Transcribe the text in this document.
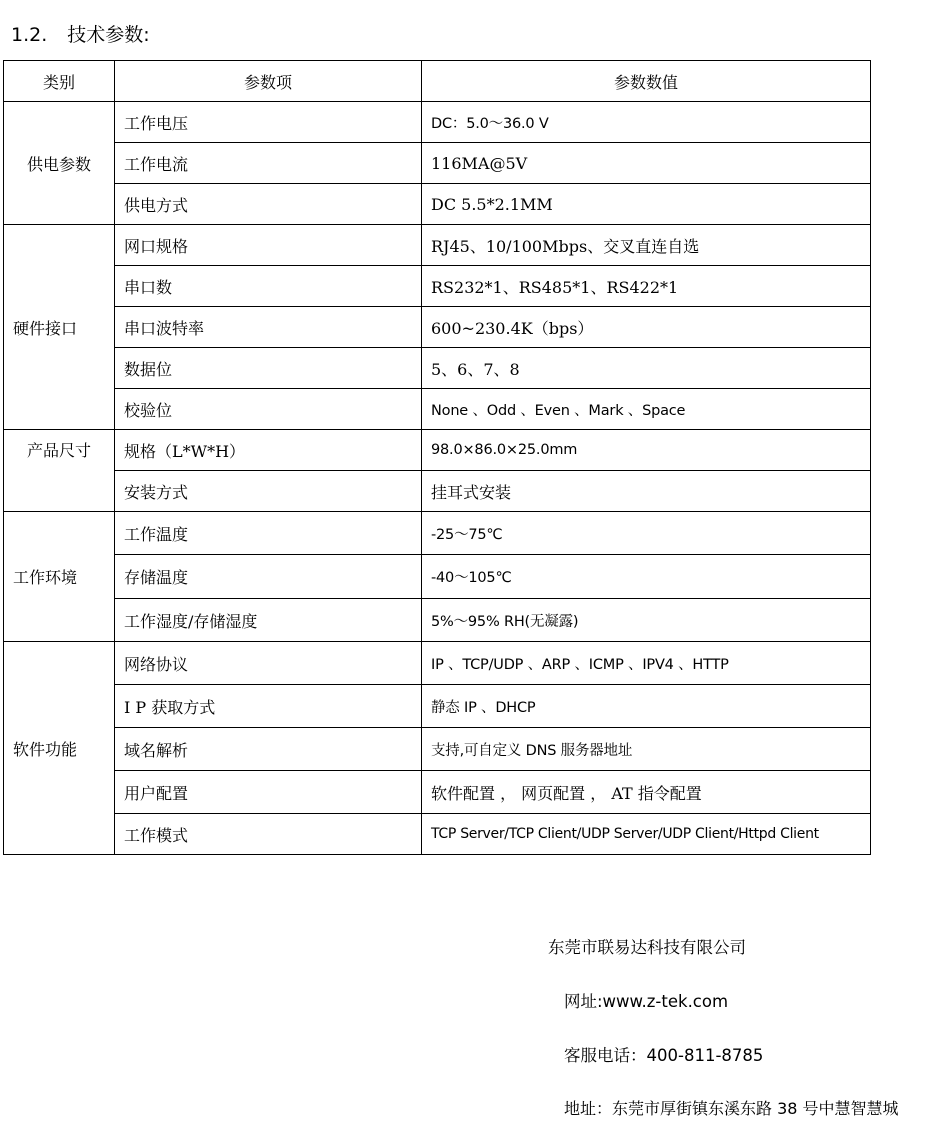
1.2. 技术参数:
类别	参数项	参数数值
供电参数	工作电压	DC：5.0～36.0 V
	工作电流	116MA@5V
	供电方式	DC 5.5*2.1MM
硬件接口	网口规格	RJ45、10/100Mbps、交叉直连自选
	串口数	RS232*1、RS485*1、RS422*1
	串口波特率	600~230.4K（bps）
	数据位	5、6、7、8
	校验位	None 、Odd 、Even 、Mark 、Space
产品尺寸	规格（L*W*H）	98.0×86.0×25.0mm
	安装方式	挂耳式安装
工作环境	工作温度	-25～75℃
	存储温度	-40～105℃
	工作湿度/存储湿度	5%～95% RH(无凝露)
软件功能	网络协议	IP 、TCP/UDP 、ARP 、ICMP 、IPV4 、HTTP
	I P 获取方式	静态 IP 、DHCP
	域名解析	支持,可自定义 DNS 服务器地址
	用户配置	软件配置 ， 网页配置 ， AT 指令配置
	工作模式	TCP Server/TCP Client/UDP Server/UDP Client/Httpd Client
东莞市联易达科技有限公司
网址:www.z-tek.com
客服电话：400-811-8785
地址：东莞市厚街镇东溪东路 38 号中慧智慧城
